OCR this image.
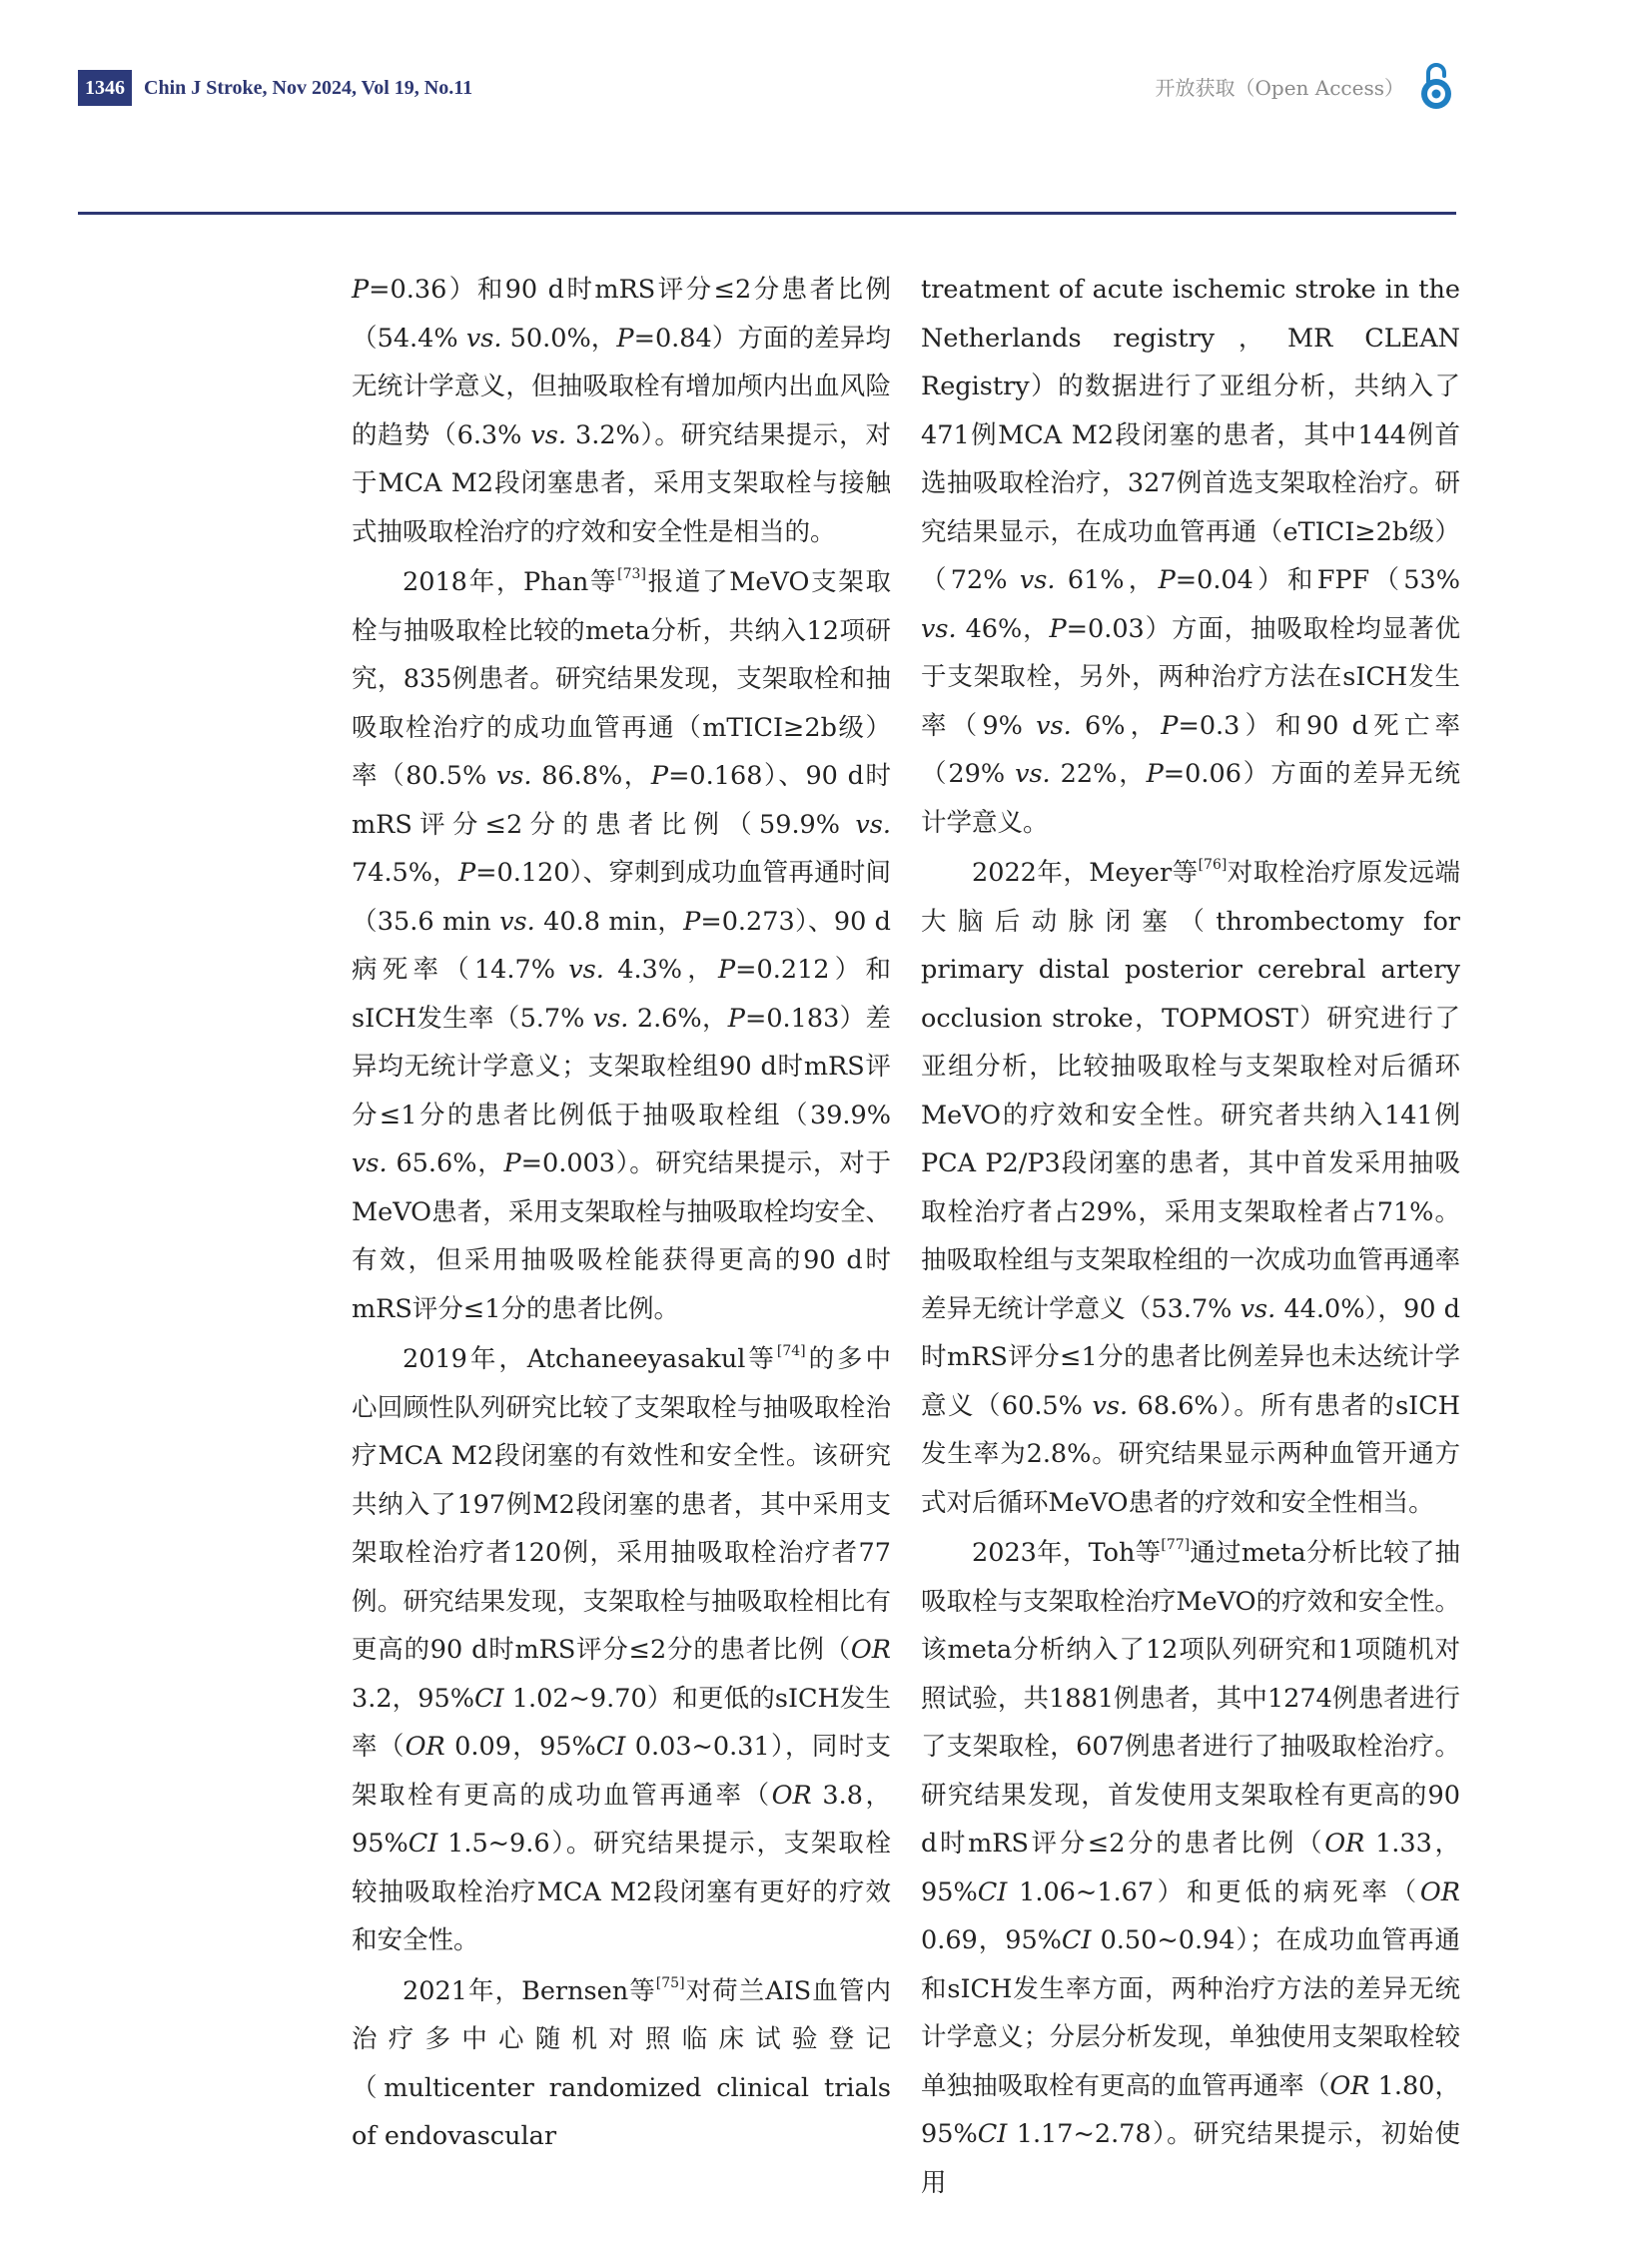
1346 Chin J Stroke, Nov 2024, Vol 19, No.11	开放获取（Open Access）

P=0.36）和90 d时mRS评分≤2分患者比例（54.4% vs. 50.0%，P=0.84）方面的差异均无统计学意义，但抽吸取栓有增加颅内出血风险的趋势（6.3% vs. 3.2%）。研究结果提示，对于MCA M2段闭塞患者，采用支架取栓与接触式抽吸取栓治疗的疗效和安全性是相当的。

2018年，Phan等[73]报道了MeVO支架取栓与抽吸取栓比较的meta分析，共纳入12项研究，835例患者。研究结果发现，支架取栓和抽吸取栓治疗的成功血管再通（mTICI≥2b级）率（80.5% vs. 86.8%，P=0.168）、90 d时mRS评分≤2分的患者比例（59.9% vs. 74.5%，P=0.120）、穿刺到成功血管再通时间（35.6 min vs. 40.8 min，P=0.273）、90 d病死率（14.7% vs. 4.3%，P=0.212）和sICH发生率（5.7% vs. 2.6%，P=0.183）差异均无统计学意义；支架取栓组90 d时mRS评分≤1分的患者比例低于抽吸取栓组（39.9% vs. 65.6%，P=0.003）。研究结果提示，对于MeVO患者，采用支架取栓与抽吸取栓均安全、有效，但采用抽吸吸栓能获得更高的90 d时mRS评分≤1分的患者比例。

2019年，Atchaneeyasakul等[74]的多中心回顾性队列研究比较了支架取栓与抽吸取栓治疗MCA M2段闭塞的有效性和安全性。该研究共纳入了197例M2段闭塞的患者，其中采用支架取栓治疗者120例，采用抽吸取栓治疗者77例。研究结果发现，支架取栓与抽吸取栓相比有更高的90 d时mRS评分≤2分的患者比例（OR 3.2，95%CI 1.02~9.70）和更低的sICH发生率（OR 0.09，95%CI 0.03~0.31），同时支架取栓有更高的成功血管再通率（OR 3.8，95%CI 1.5~9.6）。研究结果提示，支架取栓较抽吸取栓治疗MCA M2段闭塞有更好的疗效和安全性。

2021年，Bernsen等[75]对荷兰AIS血管内治疗多中心随机对照临床试验登记（multicenter randomized clinical trials of endovascular

treatment of acute ischemic stroke in the Netherlands registry，MR CLEAN Registry）的数据进行了亚组分析，共纳入了471例MCA M2段闭塞的患者，其中144例首选抽吸取栓治疗，327例首选支架取栓治疗。研究结果显示，在成功血管再通（eTICI≥2b级）（72% vs. 61%，P=0.04）和FPF（53% vs. 46%，P=0.03）方面，抽吸取栓均显著优于支架取栓，另外，两种治疗方法在sICH发生率（9% vs. 6%，P=0.3）和90 d死亡率（29% vs. 22%，P=0.06）方面的差异无统计学意义。

2022年，Meyer等[76]对取栓治疗原发远端大脑后动脉闭塞（thrombectomy for primary distal posterior cerebral artery occlusion stroke，TOPMOST）研究进行了亚组分析，比较抽吸取栓与支架取栓对后循环MeVO的疗效和安全性。研究者共纳入141例PCA P2/P3段闭塞的患者，其中首发采用抽吸取栓治疗者占29%，采用支架取栓者占71%。抽吸取栓组与支架取栓组的一次成功血管再通率差异无统计学意义（53.7% vs. 44.0%），90 d时mRS评分≤1分的患者比例差异也未达统计学意义（60.5% vs. 68.6%）。所有患者的sICH发生率为2.8%。研究结果显示两种血管开通方式对后循环MeVO患者的疗效和安全性相当。

2023年，Toh等[77]通过meta分析比较了抽吸取栓与支架取栓治疗MeVO的疗效和安全性。该meta分析纳入了12项队列研究和1项随机对照试验，共1881例患者，其中1274例患者进行了支架取栓，607例患者进行了抽吸取栓治疗。研究结果发现，首发使用支架取栓有更高的90 d时mRS评分≤2分的患者比例（OR 1.33，95%CI 1.06~1.67）和更低的病死率（OR 0.69，95%CI 0.50~0.94）；在成功血管再通和sICH发生率方面，两种治疗方法的差异无统计学意义；分层分析发现，单独使用支架取栓较单独抽吸取栓有更高的血管再通率（OR 1.80，95%CI 1.17~2.78）。研究结果提示，初始使用
